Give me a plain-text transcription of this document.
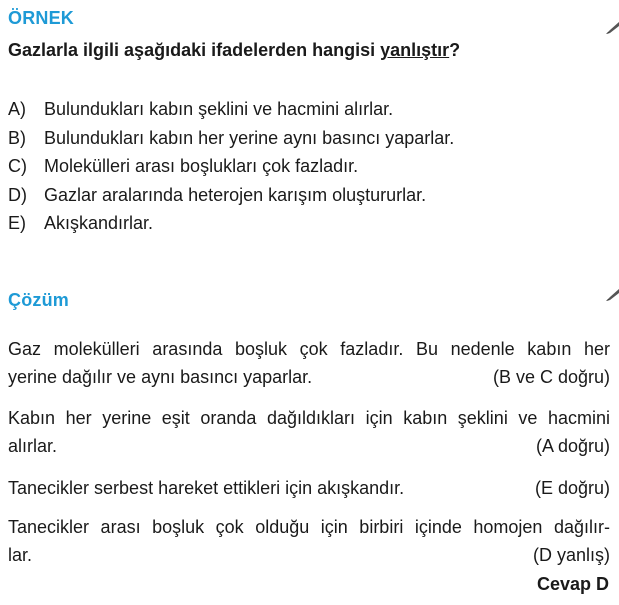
ÖRNEK
Gazlarla ilgili aşağıdaki ifadelerden hangisi yanlıştır?
A) Bulundukları kabın şeklini ve hacmini alırlar.
B) Bulundukları kabın her yerine aynı basıncı yaparlar.
C) Molekülleri arası boşlukları çok fazladır.
D) Gazlar aralarında heterojen karışım oluştururlar.
E) Akışkandırlar.
Çözüm
Gaz molekülleri arasında boşluk çok fazladır. Bu nedenle kabın her
yerine dağılır ve aynı basıncı yaparlar.	(B ve C doğru)
Kabın her yerine eşit oranda dağıldıkları için kabın şeklini ve hacmini
alırlar.	(A doğru)
Tanecikler serbest hareket ettikleri için akışkandır.	(E doğru)
Tanecikler arası boşluk çok olduğu için birbiri içinde homojen dağılır-
lar.	(D yanlış)
Cevap D
